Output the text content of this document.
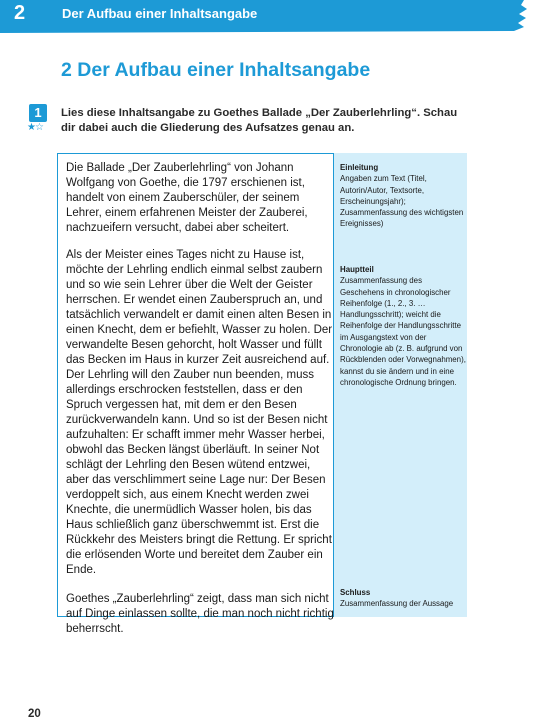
2	Der Aufbau einer Inhaltsangabe
2 Der Aufbau einer Inhaltsangabe
1
★☆
Lies diese Inhaltsangabe zu Goethes Ballade „Der Zauberlehrling“. Schau dir dabei auch die Gliederung des Aufsatzes genau an.

Die Ballade „Der Zauberlehrling“ von Johann Wolfgang von Goethe, die 1797 erschienen ist, handelt von einem Zauberschüler, der seinem Lehrer, einem erfahrenen Meister der Zauberei, nachzueifern versucht, dabei aber scheitert.

Als der Meister eines Tages nicht zu Hause ist, möchte der Lehrling endlich einmal selbst zaubern und so wie sein Lehrer über die Welt der Geister herrschen. Er wendet einen Zauberspruch an, und tatsächlich verwandelt er damit einen alten Besen in einen Knecht, dem er befiehlt, Wasser zu holen. Der verwandelte Besen gehorcht, holt Wasser und füllt das Becken im Haus in kurzer Zeit ausreichend auf. Der Lehrling will den Zauber nun beenden, muss allerdings erschrocken feststellen, dass er den Spruch vergessen hat, mit dem er den Besen zurückverwandeln kann. Und so ist der Besen nicht aufzuhalten: Er schafft immer mehr Wasser herbei, obwohl das Becken längst überläuft. In seiner Not schlägt der Lehrling den Besen wütend entzwei, aber das verschlimmert seine Lage nur: Der Besen verdoppelt sich, aus einem Knecht werden zwei Knechte, die unermüdlich Wasser holen, bis das Haus schließlich ganz überschwemmt ist. Erst die Rückkehr des Meisters bringt die Rettung. Er spricht die erlösenden Worte und bereitet dem Zauber ein Ende.

Goethes „Zauberlehrling“ zeigt, dass man sich nicht auf Dinge einlassen sollte, die man noch nicht richtig beherrscht.

Einleitung
Angaben zum Text (Titel, Autorin/Autor, Textsorte, Erscheinungsjahr); Zusammenfassung des wichtigsten Ereignisses)
Hauptteil
Zusammenfassung des Geschehens in chronologischer Reihenfolge (1., 2., 3. … Handlungsschritt); weicht die Reihenfolge der Handlungsschritte im Ausgangstext von der Chronologie ab (z. B. aufgrund von Rückblenden oder Vorwegnahmen), kannst du sie ändern und in eine chronologische Ordnung bringen.
Schluss
Zusammenfassung der Aussage
20
